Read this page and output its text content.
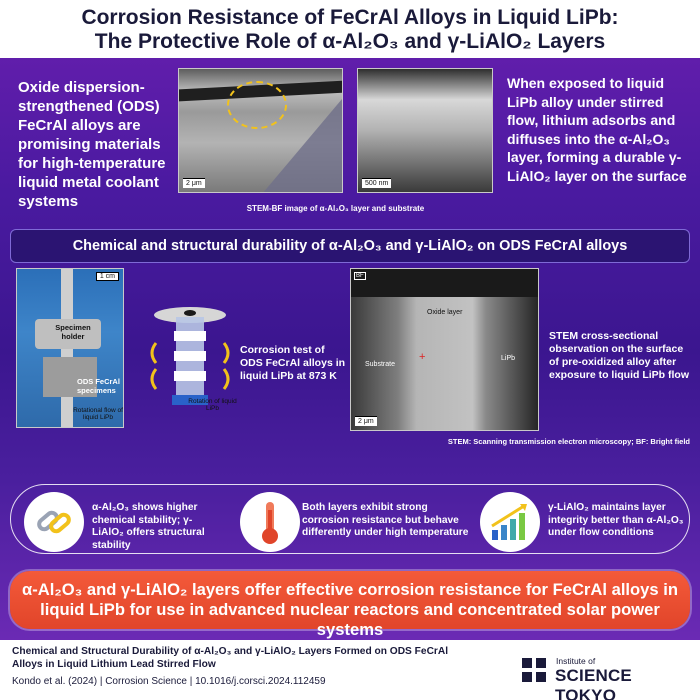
Corrosion Resistance of FeCrAl Alloys in Liquid LiPb:
The Protective Role of α-Al₂O₃ and γ-LiAlO₂ Layers
Oxide dispersion-strengthened (ODS) FeCrAl alloys are promising materials for high-temperature liquid metal coolant systems
2 μm	500 nm
STEM-BF image of α-Al₂O₃ layer and substrate
When exposed to liquid LiPb alloy under stirred flow, lithium adsorbs and diffuses into the α-Al₂O₃ layer, forming a durable γ-LiAlO₂ layer on the surface
Chemical and structural durability of α-Al₂O₃ and γ-LiAlO₂ on ODS FeCrAl alloys
1 cm
Specimen holder
ODS FeCrAl specimens
Rotational flow of liquid LiPb
Rotation of liquid LiPb
Corrosion test of ODS FeCrAl alloys in liquid LiPb at 873 K
BF
Oxide layer
Substrate
LiPb
+
2 μm
STEM cross-sectional observation on the surface of pre-oxidized alloy after exposure to liquid LiPb flow
STEM: Scanning transmission electron microscopy; BF: Bright field
α-Al₂O₃ shows higher chemical stability; γ-LiAlO₂ offers structural stability
Both layers exhibit strong corrosion resistance but behave differently under high temperature
γ-LiAlO₂ maintains layer integrity better than α-Al₂O₃ under flow conditions
α-Al₂O₃ and γ-LiAlO₂ layers offer effective corrosion resistance for FeCrAl alloys in liquid LiPb for use in advanced nuclear reactors and concentrated solar power systems
Chemical and Structural Durability of α-Al₂O₃ and γ-LiAlO₂ Layers Formed on ODS FeCrAl Alloys in Liquid Lithium Lead Stirred Flow
Kondo et al. (2024) | Corrosion Science | 10.1016/j.corsci.2024.112459
Institute of
SCIENCE TOKYO
